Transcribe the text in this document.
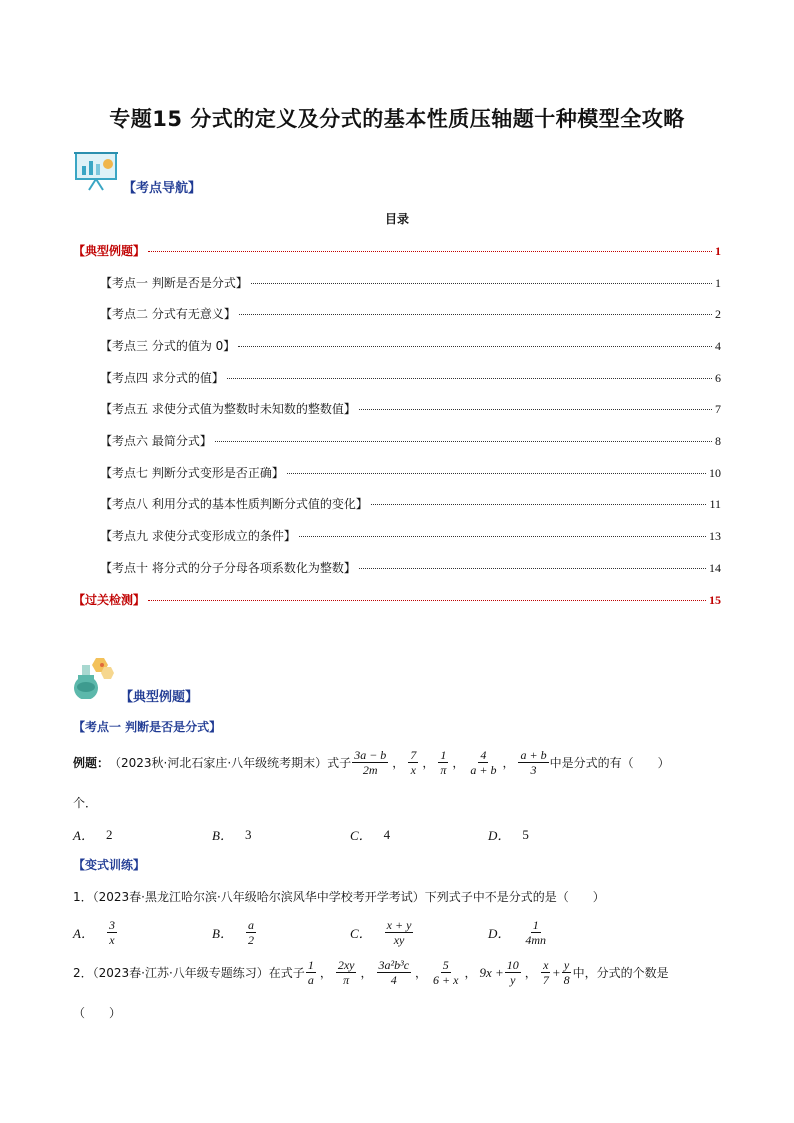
专题15 分式的定义及分式的基本性质压轴题十种模型全攻略
【考点导航】
目录
【典型例题】	1
【考点一 判断是否是分式】	1
【考点二 分式有无意义】	2
【考点三 分式的值为 0】	4
【考点四 求分式的值】	6
【考点五 求使分式值为整数时未知数的整数值】	7
【考点六 最简分式】	8
【考点七 判断分式变形是否正确】	10
【考点八 利用分式的基本性质判断分式值的变化】	11
【考点九 求使分式变形成立的条件】	13
【考点十 将分式的分子分母各项系数化为整数】	14
【过关检测】	15
【典型例题】
【考点一 判断是否是分式】
例题： （2023秋·河北石家庄·八年级统考期末）式子 $\frac{3a - b}{2m}$ ， $\frac{7}{x}$ ， $\frac{1}{\pi}$ ， $\frac{4}{a + b}$ ， $\frac{a + b}{3}$ 中是分式的有（　　）
个．
A． 2	B． 3	C． 4	D． 5
【变式训练】
1．（2023春·黑龙江哈尔滨·八年级哈尔滨风华中学校考开学考试）下列式子中不是分式的是（　　）
A． $\frac{3}{x}$	B． $\frac{a}{2}$	C． $\frac{x + y}{xy}$	D． $\frac{1}{4mn}$
2．（2023春·江苏·八年级专题练习）在式子 $\frac{1}{a}$ ， $\frac{2xy}{\pi}$ ， $\frac{\text{3a²b³c}}{4}$ ， $\frac{5}{6 + x}$ ， $9x + \frac{10}{y}$ ， $\frac{x}{7} + \frac{y}{8}$ 中，分式的个数是
（　　）
